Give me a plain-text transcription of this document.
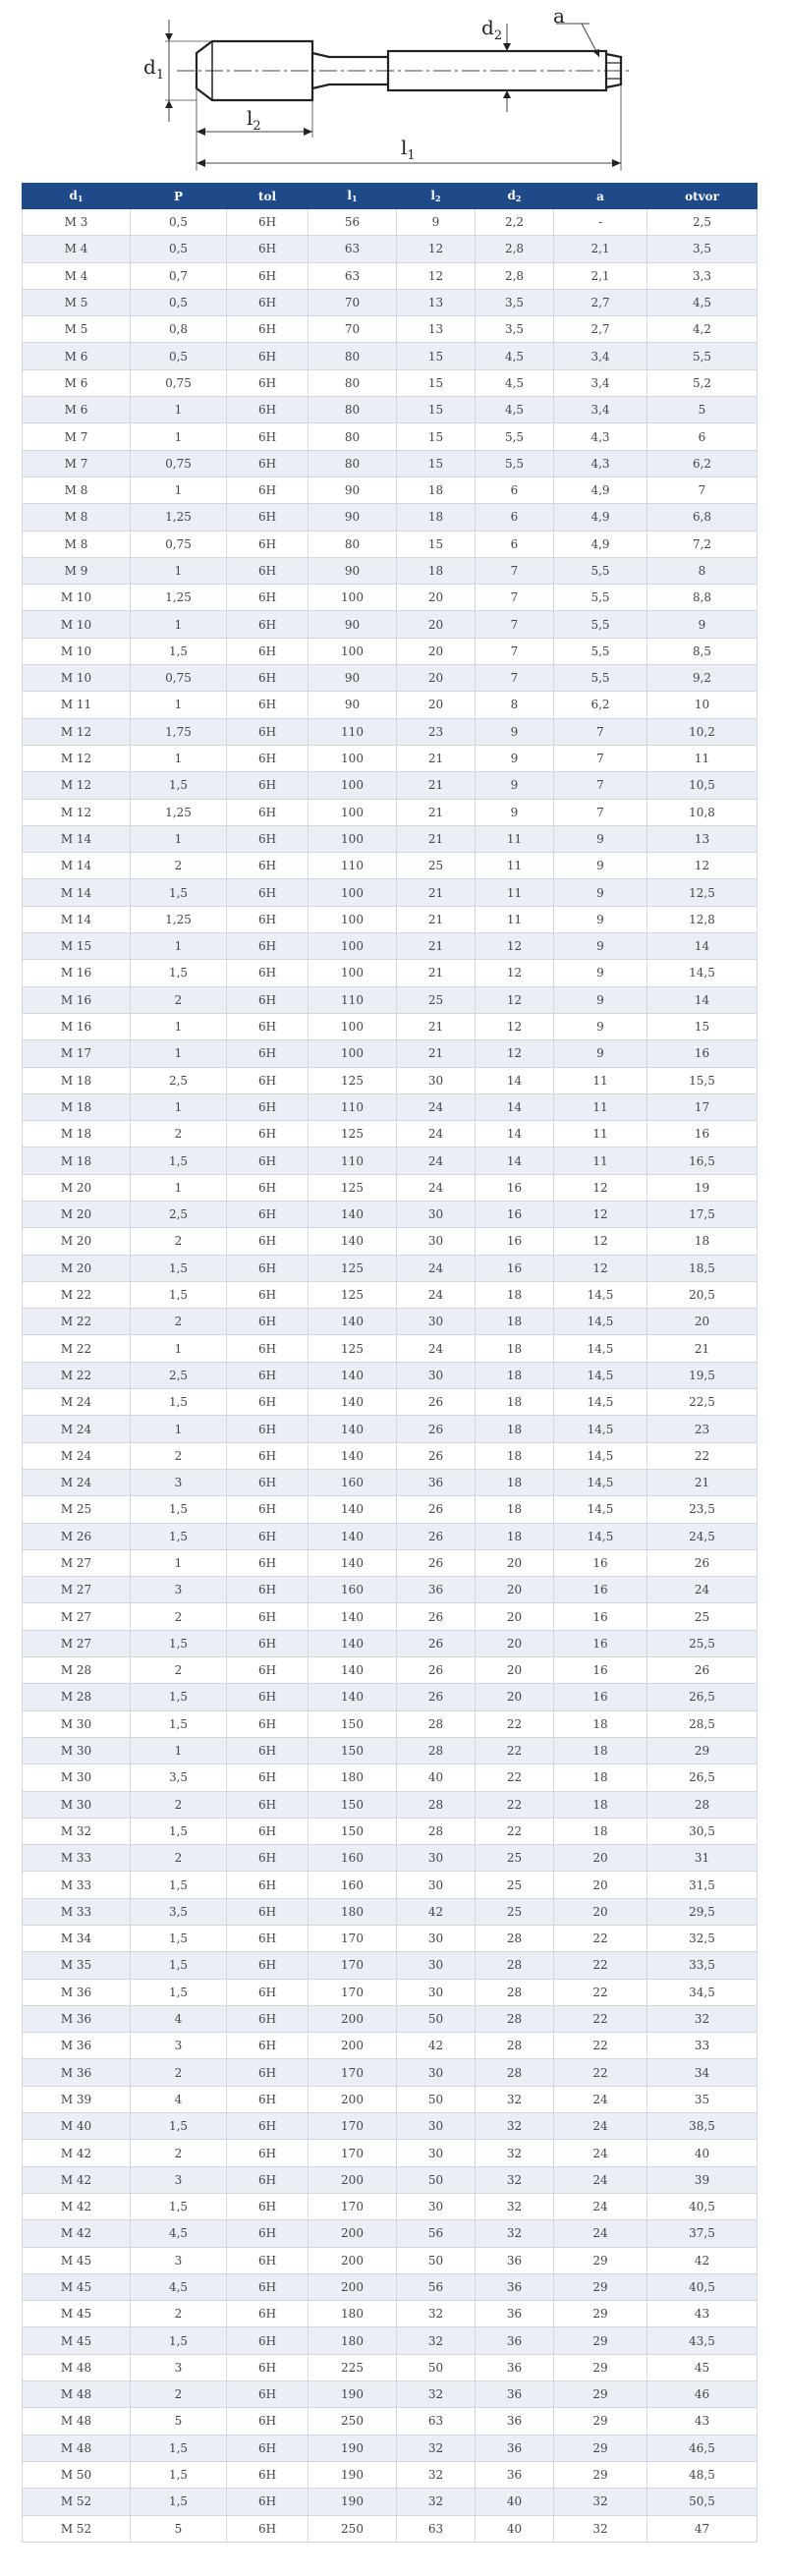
$d_1$
$d_2$
a
$l_2$
$l_1$
$d_1$	P	tol	$l_1$	$l_2$	$d_2$	a	otvor
M 3	0,5	6H	56	9	2,2	-	2,5
M 4	0,5	6H	63	12	2,8	2,1	3,5
M 4	0,7	6H	63	12	2,8	2,1	3,3
M 5	0,5	6H	70	13	3,5	2,7	4,5
M 5	0,8	6H	70	13	3,5	2,7	4,2
M 6	0,5	6H	80	15	4,5	3,4	5,5
M 6	0,75	6H	80	15	4,5	3,4	5,2
M 6	1	6H	80	15	4,5	3,4	5
M 7	1	6H	80	15	5,5	4,3	6
M 7	0,75	6H	80	15	5,5	4,3	6,2
M 8	1	6H	90	18	6	4,9	7
M 8	1,25	6H	90	18	6	4,9	6,8
M 8	0,75	6H	80	15	6	4,9	7,2
M 9	1	6H	90	18	7	5,5	8
M 10	1,25	6H	100	20	7	5,5	8,8
M 10	1	6H	90	20	7	5,5	9
M 10	1,5	6H	100	20	7	5,5	8,5
M 10	0,75	6H	90	20	7	5,5	9,2
M 11	1	6H	90	20	8	6,2	10
M 12	1,75	6H	110	23	9	7	10,2
M 12	1	6H	100	21	9	7	11
M 12	1,5	6H	100	21	9	7	10,5
M 12	1,25	6H	100	21	9	7	10,8
M 14	1	6H	100	21	11	9	13
M 14	2	6H	110	25	11	9	12
M 14	1,5	6H	100	21	11	9	12,5
M 14	1,25	6H	100	21	11	9	12,8
M 15	1	6H	100	21	12	9	14
M 16	1,5	6H	100	21	12	9	14,5
M 16	2	6H	110	25	12	9	14
M 16	1	6H	100	21	12	9	15
M 17	1	6H	100	21	12	9	16
M 18	2,5	6H	125	30	14	11	15,5
M 18	1	6H	110	24	14	11	17
M 18	2	6H	125	24	14	11	16
M 18	1,5	6H	110	24	14	11	16,5
M 20	1	6H	125	24	16	12	19
M 20	2,5	6H	140	30	16	12	17,5
M 20	2	6H	140	30	16	12	18
M 20	1,5	6H	125	24	16	12	18,5
M 22	1,5	6H	125	24	18	14,5	20,5
M 22	2	6H	140	30	18	14,5	20
M 22	1	6H	125	24	18	14,5	21
M 22	2,5	6H	140	30	18	14,5	19,5
M 24	1,5	6H	140	26	18	14,5	22,5
M 24	1	6H	140	26	18	14,5	23
M 24	2	6H	140	26	18	14,5	22
M 24	3	6H	160	36	18	14,5	21
M 25	1,5	6H	140	26	18	14,5	23,5
M 26	1,5	6H	140	26	18	14,5	24,5
M 27	1	6H	140	26	20	16	26
M 27	3	6H	160	36	20	16	24
M 27	2	6H	140	26	20	16	25
M 27	1,5	6H	140	26	20	16	25,5
M 28	2	6H	140	26	20	16	26
M 28	1,5	6H	140	26	20	16	26,5
M 30	1,5	6H	150	28	22	18	28,5
M 30	1	6H	150	28	22	18	29
M 30	3,5	6H	180	40	22	18	26,5
M 30	2	6H	150	28	22	18	28
M 32	1,5	6H	150	28	22	18	30,5
M 33	2	6H	160	30	25	20	31
M 33	1,5	6H	160	30	25	20	31,5
M 33	3,5	6H	180	42	25	20	29,5
M 34	1,5	6H	170	30	28	22	32,5
M 35	1,5	6H	170	30	28	22	33,5
M 36	1,5	6H	170	30	28	22	34,5
M 36	4	6H	200	50	28	22	32
M 36	3	6H	200	42	28	22	33
M 36	2	6H	170	30	28	22	34
M 39	4	6H	200	50	32	24	35
M 40	1,5	6H	170	30	32	24	38,5
M 42	2	6H	170	30	32	24	40
M 42	3	6H	200	50	32	24	39
M 42	1,5	6H	170	30	32	24	40,5
M 42	4,5	6H	200	56	32	24	37,5
M 45	3	6H	200	50	36	29	42
M 45	4,5	6H	200	56	36	29	40,5
M 45	2	6H	180	32	36	29	43
M 45	1,5	6H	180	32	36	29	43,5
M 48	3	6H	225	50	36	29	45
M 48	2	6H	190	32	36	29	46
M 48	5	6H	250	63	36	29	43
M 48	1,5	6H	190	32	36	29	46,5
M 50	1,5	6H	190	32	36	29	48,5
M 52	1,5	6H	190	32	40	32	50,5
M 52	5	6H	250	63	40	32	47
